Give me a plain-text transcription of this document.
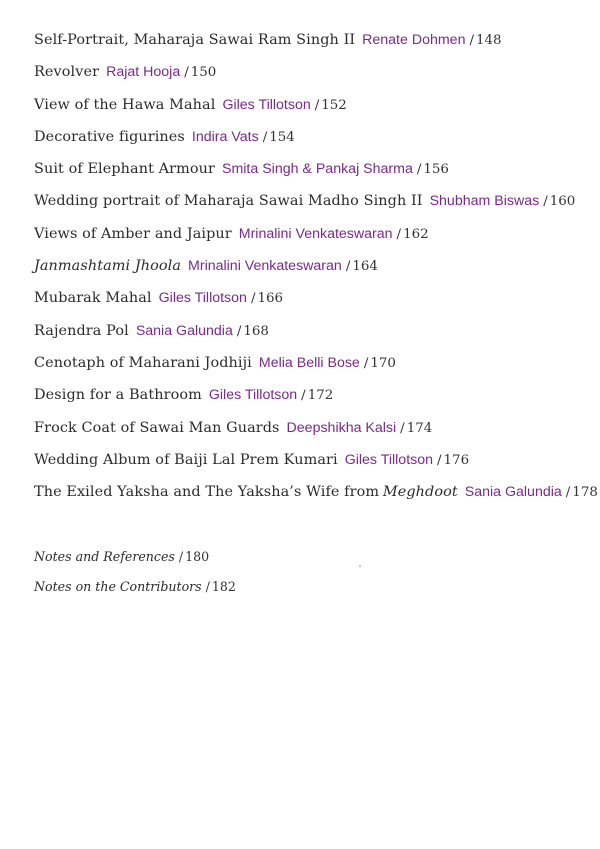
Self-Portrait, Maharaja Sawai Ram Singh II Renate Dohmen / 148
Revolver Rajat Hooja / 150
View of the Hawa Mahal Giles Tillotson / 152
Decorative figurines Indira Vats / 154
Suit of Elephant Armour Smita Singh & Pankaj Sharma / 156
Wedding portrait of Maharaja Sawai Madho Singh II Shubham Biswas / 160
Views of Amber and Jaipur Mrinalini Venkateswaran / 162
Janmashtami Jhoola Mrinalini Venkateswaran / 164
Mubarak Mahal Giles Tillotson / 166
Rajendra Pol Sania Galundia / 168
Cenotaph of Maharani Jodhiji Melia Belli Bose / 170
Design for a Bathroom Giles Tillotson / 172
Frock Coat of Sawai Man Guards Deepshikha Kalsi / 174
Wedding Album of Baiji Lal Prem Kumari Giles Tillotson / 176
The Exiled Yaksha and The Yaksha’s Wife from Meghdoot Sania Galundia / 178
Notes and References / 180
Notes on the Contributors / 182
